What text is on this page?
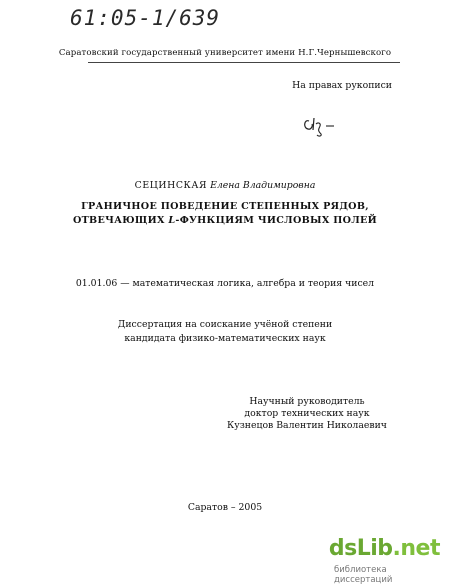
61:05-1/639
Саратовский государственный университет имени Н.Г.Чернышевского
На правах рукописи
СЕЦИНСКАЯ Елена Владимировна
ГРАНИЧНОЕ ПОВЕДЕНИЕ СТЕПЕННЫХ РЯДОВ,
ОТВЕЧАЮЩИХ L-ФУНКЦИЯМ ЧИСЛОВЫХ ПОЛЕЙ
01.01.06 — математическая логика, алгебра и теория чисел
Диссертация на соискание учёной степени
кандидата физико-математических наук
Научный руководитель
доктор технических наук
Кузнецов Валентин Николаевич
Саратов – 2005
dsLib.net
библиотека диссертаций
